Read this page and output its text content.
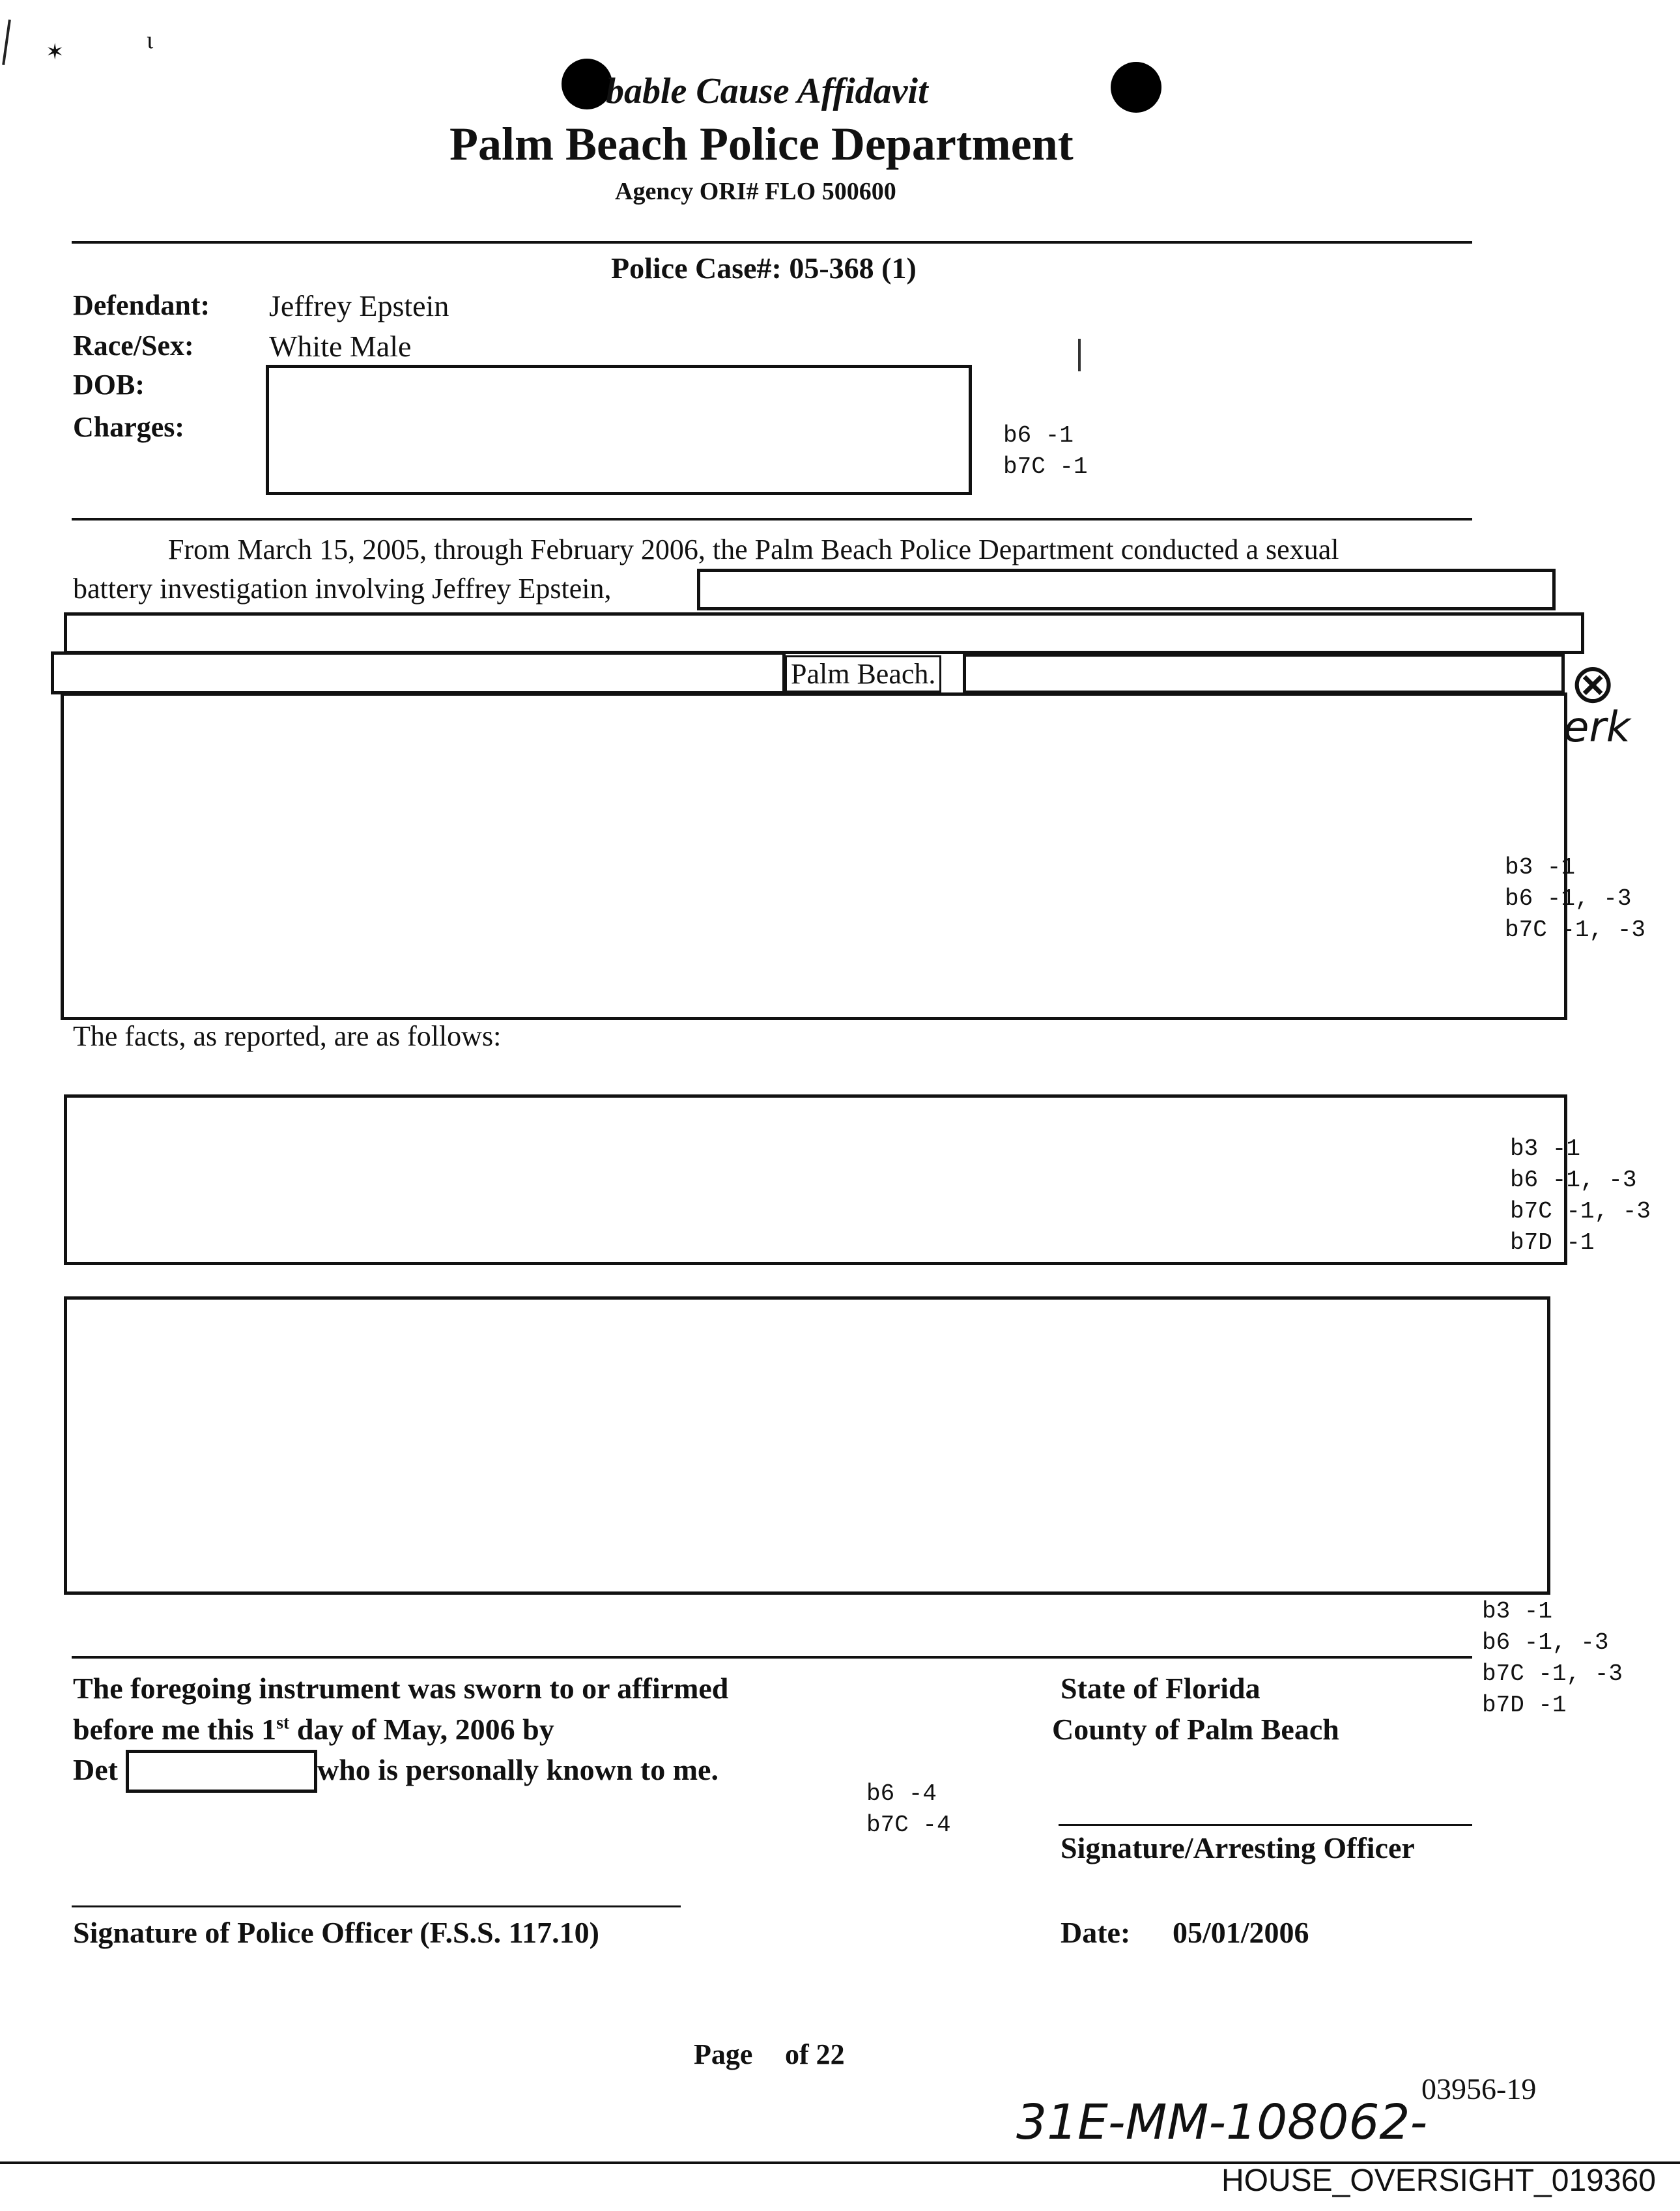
✶	ɩ
bable Cause Affidavit
Palm Beach Police Department
Agency ORI# FLO 500600
Police Case#: 05-368 (1)
Defendant: Jeffrey Epstein
Race/Sex:	White Male
DOB:
Charges:	b6 -1
b7C -1
From March 15, 2005, through February 2006, the Palm Beach Police Department conducted a sexual
battery investigation involving Jeffrey Epstein,
Palm Beach.	⊗
erk
b3 -1
b6 -1, -3
b7C -1, -3
The facts, as reported, are as follows:
b3 -1
b6 -1, -3
b7C -1, -3
b7D -1
b3 -1
b6 -1, -3
b7C -1, -3
b7D -1
The foregoing instrument was sworn to or affirmed
before me this 1st day of May, 2006 by
Det	who is personally known to me.
b6 -4
b7C -4
State of Florida
County of Palm Beach
Signature/Arresting Officer
Signature of Police Officer (F.S.S. 117.10)	Date: 05/01/2006
Page of 22
03956-19
31E-MM-108062-
HOUSE_OVERSIGHT_019360
